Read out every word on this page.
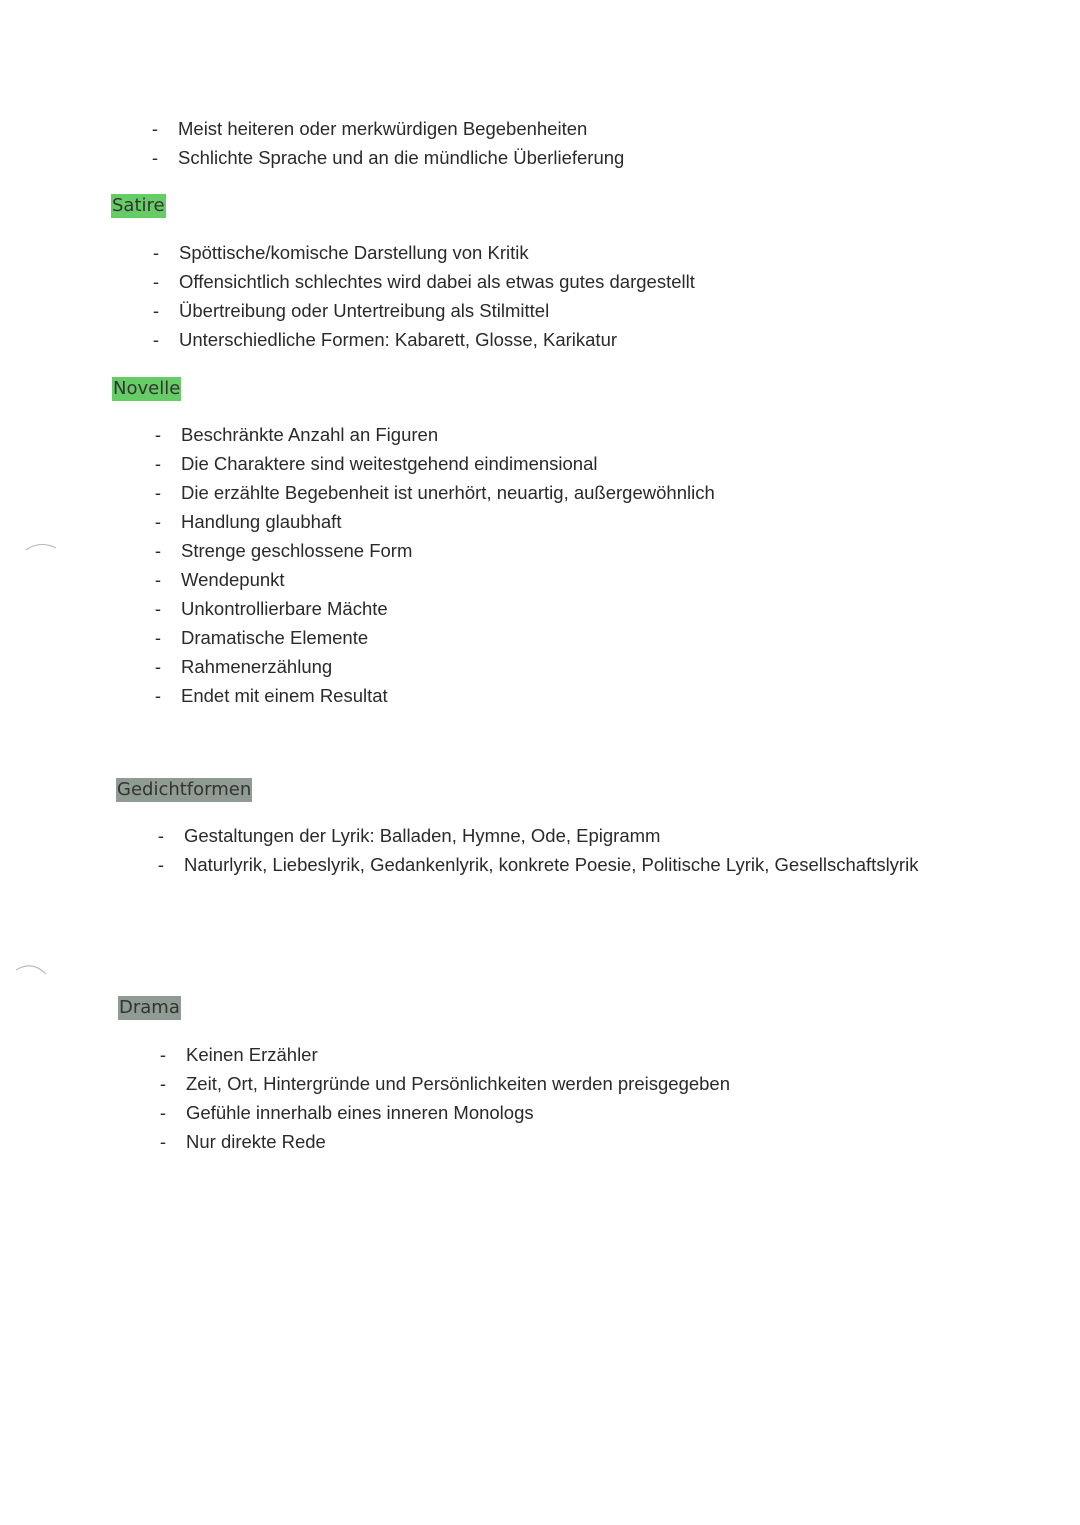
-	Meist heiteren oder merkwürdigen Begebenheiten
-	Schlichte Sprache und an die mündliche Überlieferung
Satire
-	Spöttische/komische Darstellung von Kritik
-	Offensichtlich schlechtes wird dabei als etwas gutes dargestellt
-	Übertreibung oder Untertreibung als Stilmittel
-	Unterschiedliche Formen: Kabarett, Glosse, Karikatur
Novelle
-	Beschränkte Anzahl an Figuren
-	Die Charaktere sind weitestgehend eindimensional
-	Die erzählte Begebenheit ist unerhört, neuartig, außergewöhnlich
-	Handlung glaubhaft
-	Strenge geschlossene Form
-	Wendepunkt
-	Unkontrollierbare Mächte
-	Dramatische Elemente
-	Rahmenerzählung
-	Endet mit einem Resultat
Gedichtformen
-	Gestaltungen der Lyrik: Balladen, Hymne, Ode, Epigramm
-	Naturlyrik, Liebeslyrik, Gedankenlyrik, konkrete Poesie, Politische Lyrik, Gesellschaftslyrik
Drama
-	Keinen Erzähler
-	Zeit, Ort, Hintergründe und Persönlichkeiten werden preisgegeben
-	Gefühle innerhalb eines inneren Monologs
-	Nur direkte Rede
